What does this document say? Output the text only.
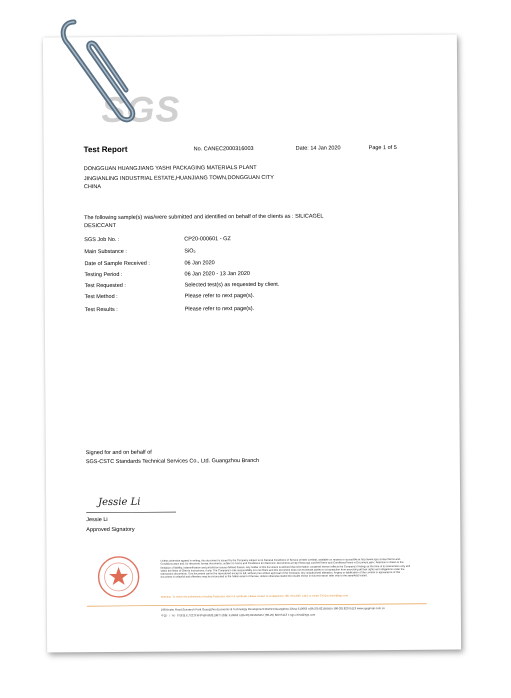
SGS
Test Report	No. CANEC2000316003	Date: 14 Jan 2020	Page 1 of 5
DONGGUAN HUANGJIANG YASHI PACKAGING MATERIALS PLANT
JINGIANLING INDUSTRIAL ESTATE,HUANJIANG TOWN,DONGGUAN CITY
CHINA
The following sample(s) was/were submitted and identified on behalf of the clients as : SILICAGEL
DESICCANT
SGS Job No. :	CP20-000601 - GZ
Main Substance :	SiO₂
Date of Sample Received :	06 Jan 2020
Testing Period :	06 Jan 2020 - 13 Jan 2020
Test Requested :	Selected test(s) as requested by client.
Test Method :	Please refer to next page(s).
Test Results :	Please refer to next page(s).
Signed for and on behalf of
SGS-CSTC Standards Technical Services Co., Ltd. Guangzhou Branch
Jessie Li
Jessie Li
Approved Signatory
Unless otherwise agreed in writing, this document is issued by the Company subject to its General Conditions of Service printed overleaf, available on request or accessible at http://www.sgs.com/en/Terms-and-Conditions.aspx and, for electronic format documents, subject to Terms and Conditions for Electronic Documents at http://www.sgs.com/en/Terms-and-Conditions/Terms-e-Document.aspx. Attention is drawn to the limitation of liability, indemnification and jurisdiction issues defined therein. Any holder of this document is advised that information contained hereon reflects the Company's findings at the time of its intervention only and within the limits of Client's instructions, if any. The Company's sole responsibility is to its Client and this document does not exonerate parties to a transaction from exercising all their rights and obligations under the transaction documents. This document cannot be reproduced except in full, without prior written approval of the Company. Any unauthorized alteration, forgery or falsification of the content or appearance of this document is unlawful and offenders may be prosecuted to the fullest extent of the law. Unless otherwise stated the results shown in this test report refer only to the sample(s) tested.
Attention: To check the authenticity of testing /inspection report & certificate, please contact us at telephone: (86-755) 8307 1443, or email: CN.Doccheck@sgs.com
198 Kezhu Road,Scientech Park Guangzhou Economic & Technology Development District,Guangzhou,China 510663 t (86-20) 82155555 f (86-20) 82075113 www.sgsgroup.com.cn
中国 · 广州 · 经济技术开发区科学城科珠路198号 邮编: 510663 t (86-20) 82155555 f (86-20) 82075113 e sgs.china@sgs.com
